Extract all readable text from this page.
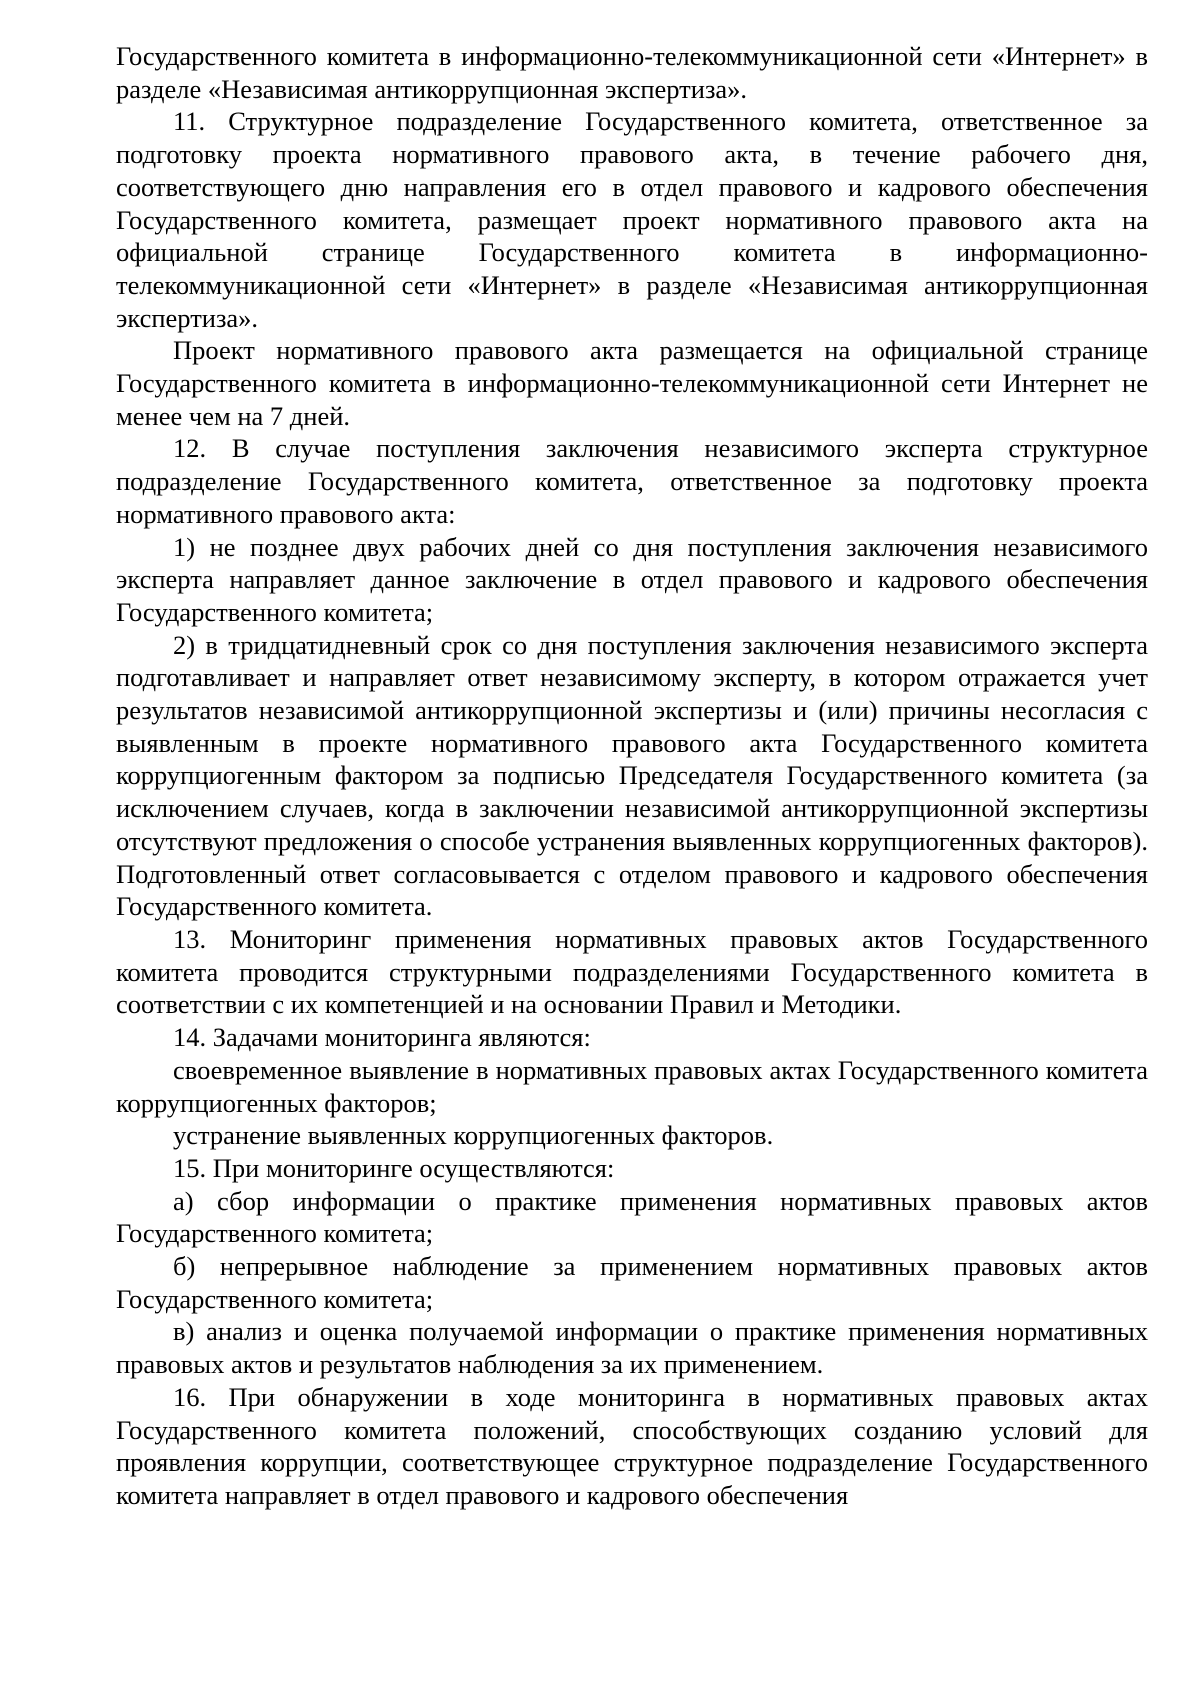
Государственного комитета в информационно-телекоммуникационной сети «Интернет» в разделе «Независимая антикоррупционная экспертиза».

11. Структурное подразделение Государственного комитета, ответственное за подготовку проекта нормативного правового акта, в течение рабочего дня, соответствующего дню направления его в отдел правового и кадрового обеспечения Государственного комитета, размещает проект нормативного правового акта на официальной странице Государственного комитета в информационно-телекоммуникационной сети «Интернет» в разделе «Независимая антикоррупционная экспертиза».

Проект нормативного правового акта размещается на официальной странице Государственного комитета в информационно-телекоммуникационной сети Интернет не менее чем на 7 дней.

12. В случае поступления заключения независимого эксперта структурное подразделение Государственного комитета, ответственное за подготовку проекта нормативного правового акта:

1) не позднее двух рабочих дней со дня поступления заключения независимого эксперта направляет данное заключение в отдел правового и кадрового обеспечения Государственного комитета;

2) в тридцатидневный срок со дня поступления заключения независимого эксперта подготавливает и направляет ответ независимому эксперту, в котором отражается учет результатов независимой антикоррупционной экспертизы и (или) причины несогласия с выявленным в проекте нормативного правового акта Государственного комитета коррупциогенным фактором за подписью Председателя Государственного комитета (за исключением случаев, когда в заключении независимой антикоррупционной экспертизы отсутствуют предложения о способе устранения выявленных коррупциогенных факторов). Подготовленный ответ согласовывается с отделом правового и кадрового обеспечения Государственного комитета.

13. Мониторинг применения нормативных правовых актов Государственного комитета проводится структурными подразделениями Государственного комитета в соответствии с их компетенцией и на основании Правил и Методики.

14. Задачами мониторинга являются:

своевременное выявление в нормативных правовых актах Государственного комитета коррупциогенных факторов;

устранение выявленных коррупциогенных факторов.

15. При мониторинге осуществляются:

а) сбор информации о практике применения нормативных правовых актов Государственного комитета;

б) непрерывное наблюдение за применением нормативных правовых актов Государственного комитета;

в) анализ и оценка получаемой информации о практике применения нормативных правовых актов и результатов наблюдения за их применением.

16. При обнаружении в ходе мониторинга в нормативных правовых актах Государственного комитета положений, способствующих созданию условий для проявления коррупции, соответствующее структурное подразделение Государственного комитета направляет в отдел правового и кадрового обеспечения
